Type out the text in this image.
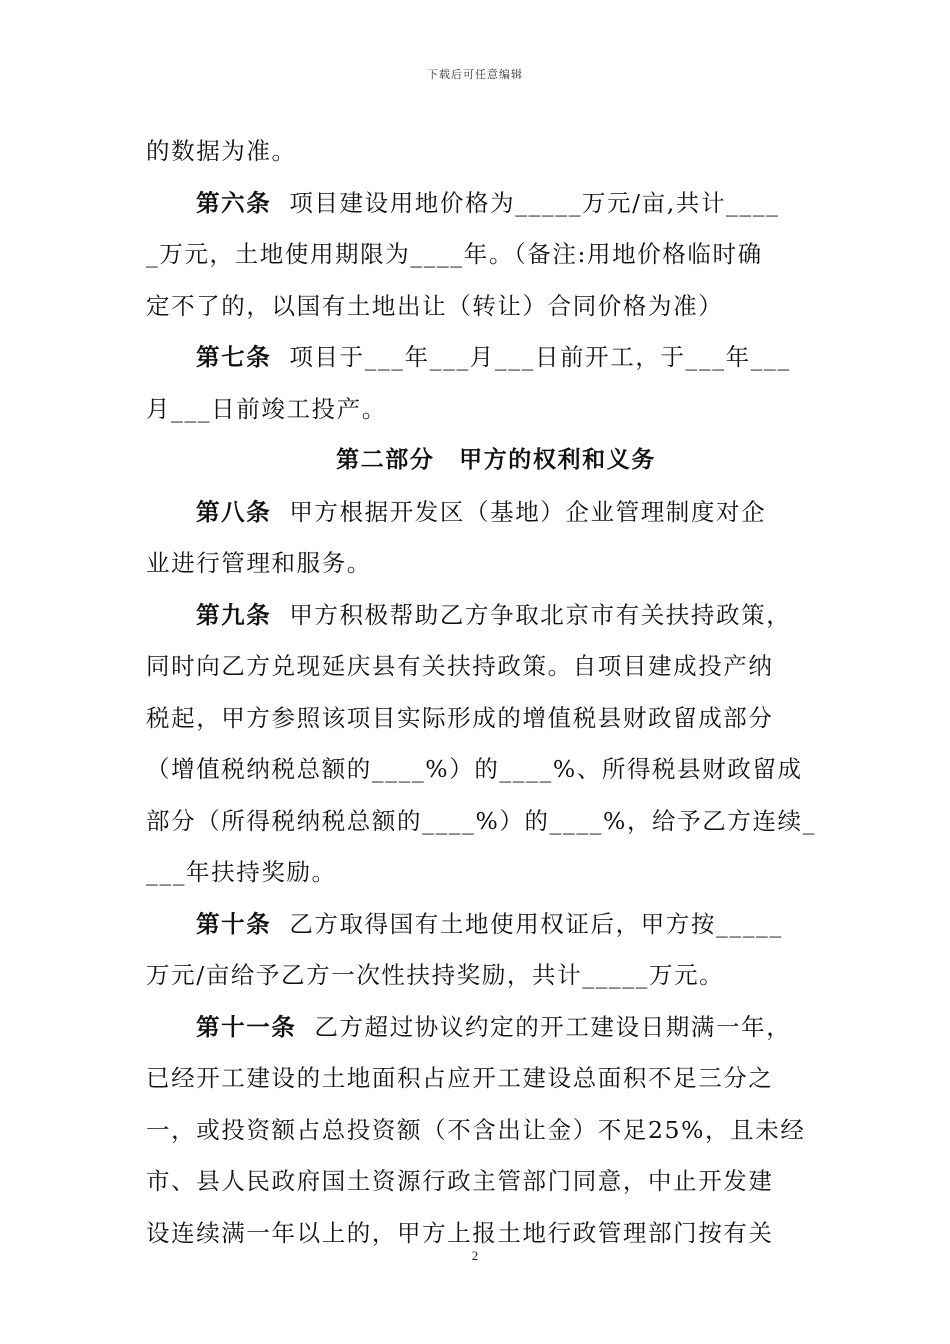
下载后可任意编辑
的数据为准。
第六条 项目建设用地价格为_____万元/亩,共计____
_万元，土地使用期限为____年。（备注:用地价格临时确
定不了的，以国有土地出让（转让）合同价格为准）
第七条 项目于___年___月___日前开工，于___年___
月___日前竣工投产。
第二部分　甲方的权利和义务
第八条 甲方根据开发区（基地）企业管理制度对企
业进行管理和服务。
第九条 甲方积极帮助乙方争取北京市有关扶持政策，
同时向乙方兑现延庆县有关扶持政策。自项目建成投产纳
税起，甲方参照该项目实际形成的增值税县财政留成部分
（增值税纳税总额的____%）的____%、所得税县财政留成
部分（所得税纳税总额的____%）的____%，给予乙方连续_
___年扶持奖励。
第十条 乙方取得国有土地使用权证后，甲方按_____
万元/亩给予乙方一次性扶持奖励，共计_____万元。
第十一条 乙方超过协议约定的开工建设日期满一年，
已经开工建设的土地面积占应开工建设总面积不足三分之
一，或投资额占总投资额（不含出让金）不足25%，且未经
市、县人民政府国土资源行政主管部门同意，中止开发建
设连续满一年以上的，甲方上报土地行政管理部门按有关
2
